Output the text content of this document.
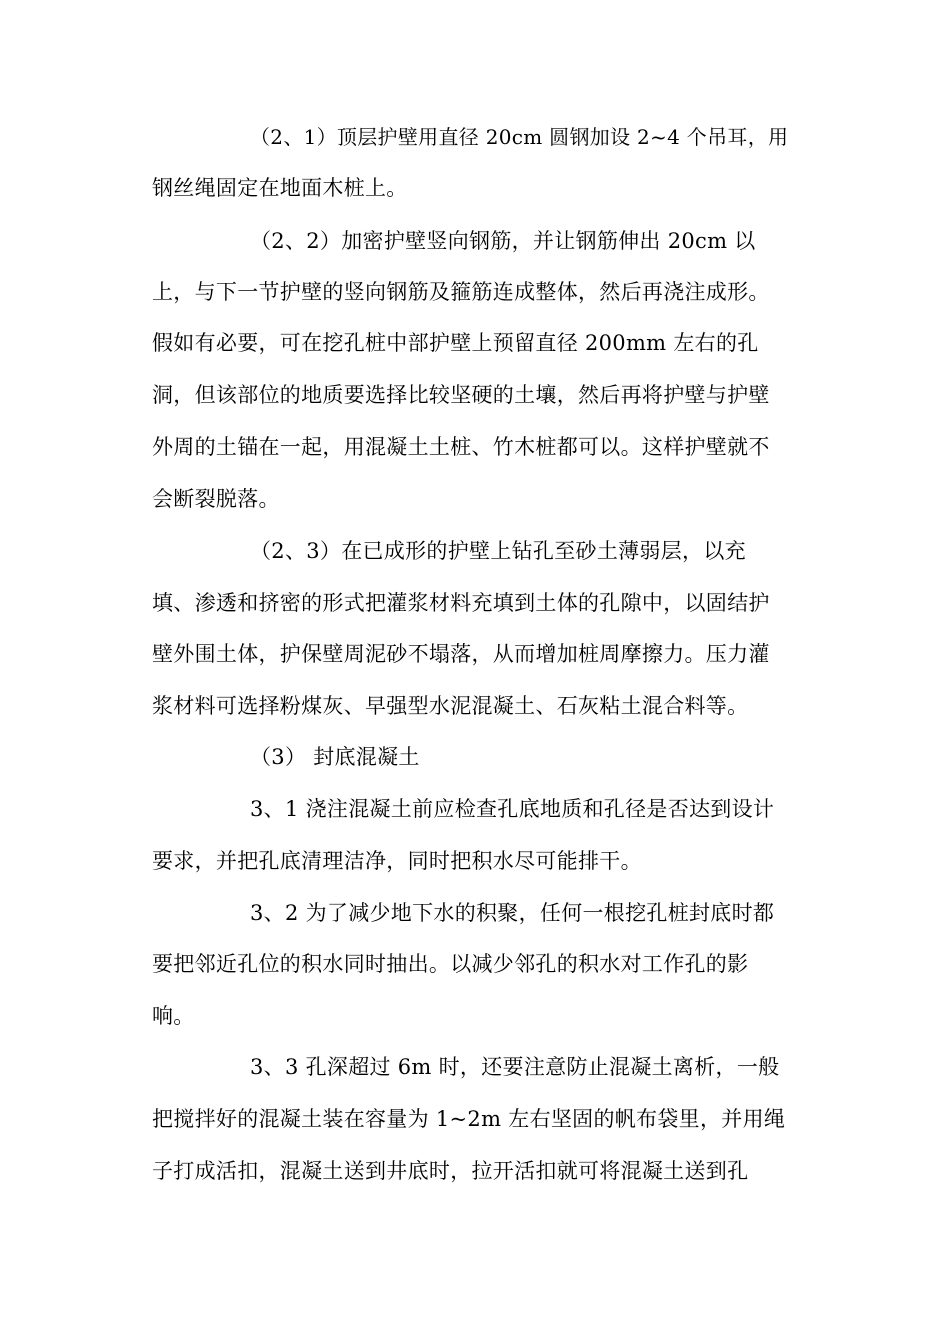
（2、1）顶层护壁用直径 20cm 圆钢加设 2~4 个吊耳，用
钢丝绳固定在地面木桩上。
（2、2）加密护壁竖向钢筋，并让钢筋伸出 20cm 以
上，与下一节护壁的竖向钢筋及箍筋连成整体，然后再浇注成形。
假如有必要，可在挖孔桩中部护壁上预留直径 200mm 左右的孔
洞，但该部位的地质要选择比较坚硬的土壤，然后再将护壁与护壁
外周的土锚在一起，用混凝土土桩、竹木桩都可以。这样护壁就不
会断裂脱落。
（2、3）在已成形的护壁上钻孔至砂土薄弱层，以充
填、渗透和挤密的形式把灌浆材料充填到土体的孔隙中，以固结护
壁外围土体，护保壁周泥砂不塌落，从而增加桩周摩擦力。压力灌
浆材料可选择粉煤灰、早强型水泥混凝土、石灰粘土混合料等。
（3） 封底混凝土
3、1 浇注混凝土前应检查孔底地质和孔径是否达到设计
要求，并把孔底清理洁净，同时把积水尽可能排干。
3、2 为了减少地下水的积聚，任何一根挖孔桩封底时都
要把邻近孔位的积水同时抽出。以减少邻孔的积水对工作孔的影
响。
3、3 孔深超过 6m 时，还要注意防止混凝土离析，一般
把搅拌好的混凝土装在容量为 1~2m 左右坚固的帆布袋里，并用绳
子打成活扣，混凝土送到井底时，拉开活扣就可将混凝土送到孔
